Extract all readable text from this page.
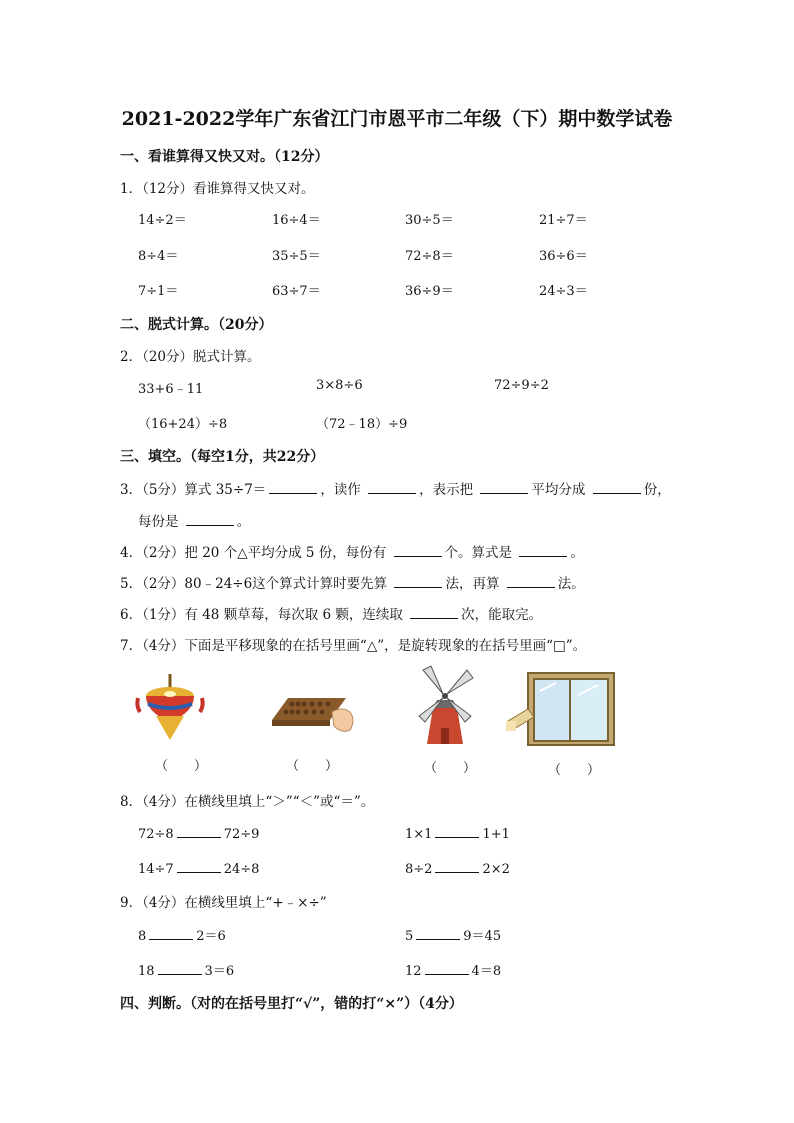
2021-2022学年广东省江门市恩平市二年级（下）期中数学试卷
一、看谁算得又快又对。（12分）
1．（12分）看谁算得又快又对。
14÷2＝	16÷4＝	30÷5＝	21÷7＝
8÷4＝	35÷5＝	72÷8＝	36÷6＝
7÷1＝	63÷7＝	36÷9＝	24÷3＝
二、脱式计算。（20分）
2．（20分）脱式计算。
33+6﹣11	3×8÷6	72÷9÷2
（16+24）÷8	（72﹣18）÷9
三、填空。（每空1分，共22分）
3．（5分）算式 35÷7＝	，读作	，表示把	平均分成	份，
每份是	。
4．（2分）把 20 个△平均分成 5 份，每份有	个。算式是	。
5．（2分）80﹣24÷6这个算式计算时要先算	法，再算	法。
6．（1分）有 48 颗草莓，每次取 6 颗，连续取	次，能取完。
7．（4分）下面是平移现象的在括号里画“△”，是旋转现象的在括号里画“□”。
（　　）	（　　）	（　　）	（　　）
8．（4分）在横线里填上“＞”“＜”或“＝”。
72÷8	72÷9	1×1	1+1
14÷7	24÷8	8÷2	2×2
9．（4分）在横线里填上“+﹣×÷”
8	2＝6	5	9＝45
18	3＝6	12	4＝8
四、判断。（对的在括号里打“√”，错的打“×”）（4分）
